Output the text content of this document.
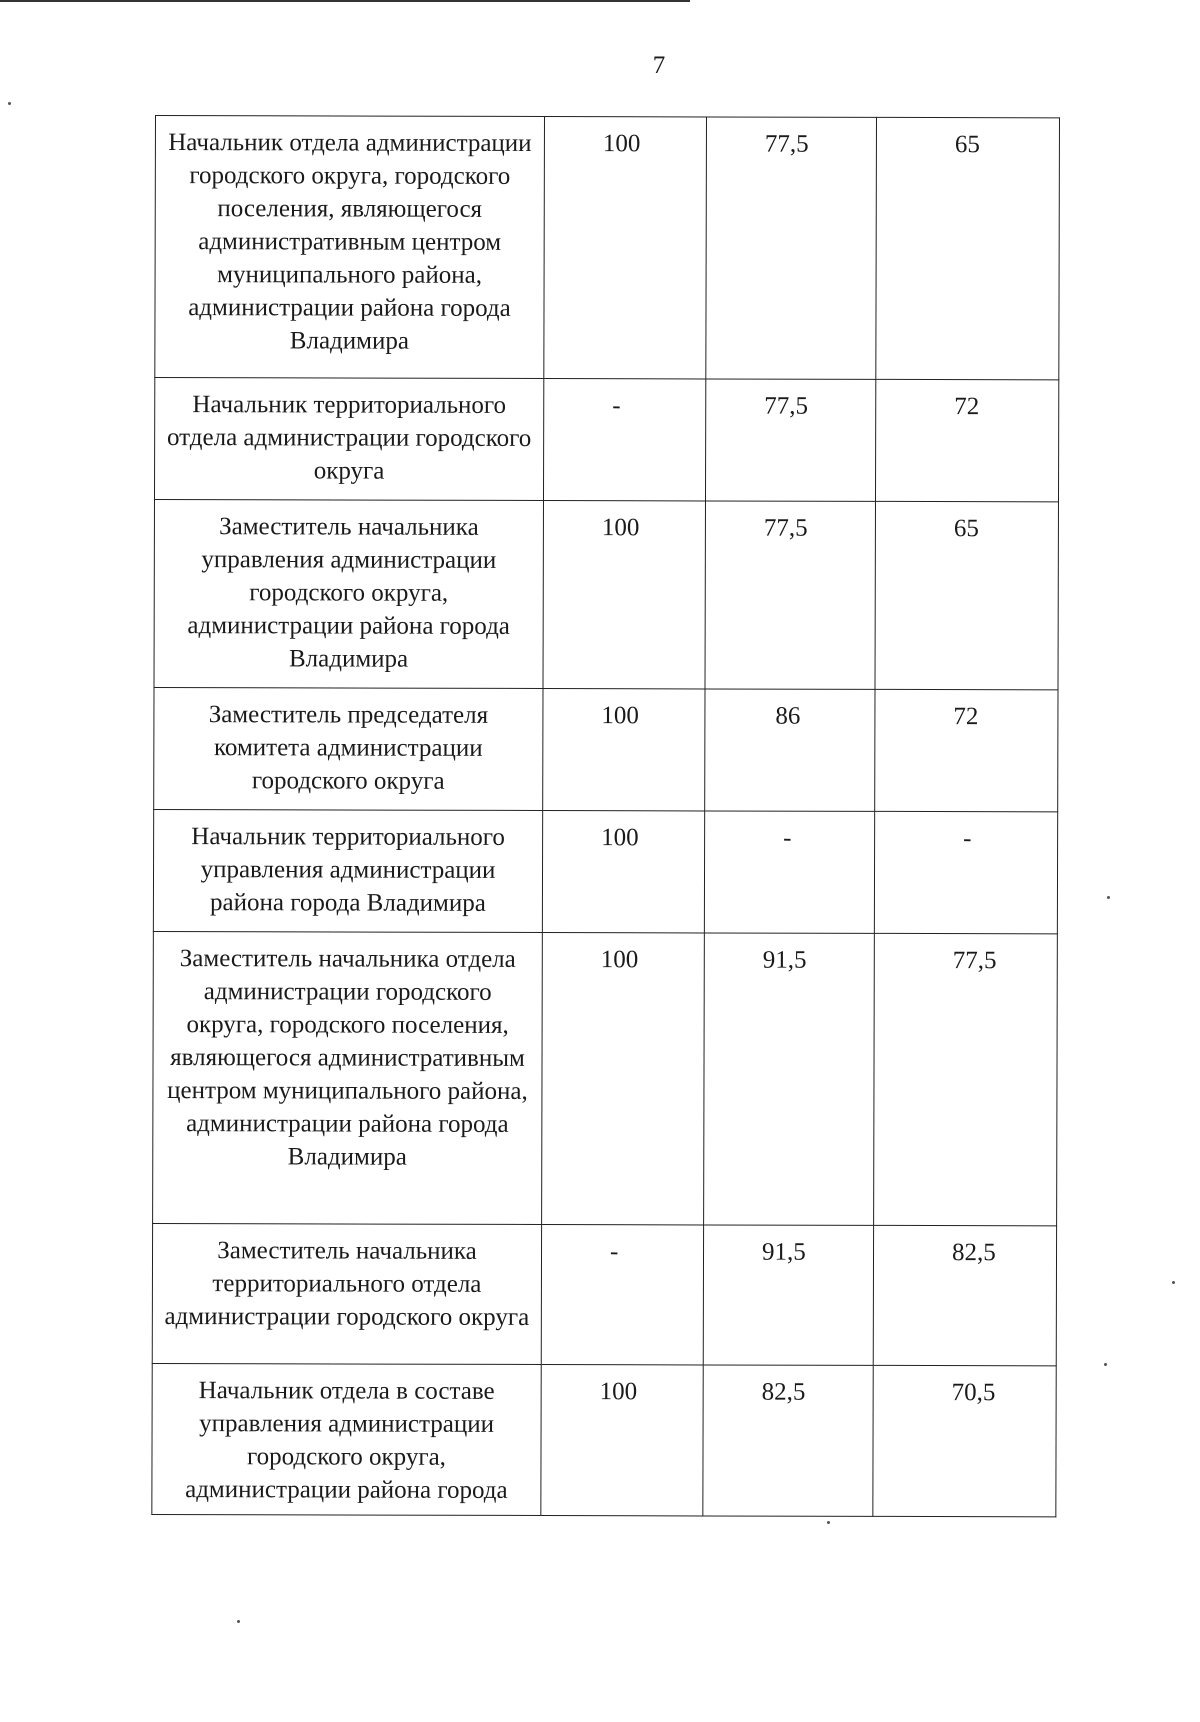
7
Начальник отдела администрации городского округа, городского поселения, являющегося административным центром муниципального района, администрации района города Владимира	100	77,5	65
Начальник территориального отдела администрации городского округа	-	77,5	72
Заместитель начальника управления администрации городского округа, администрации района города Владимира	100	77,5	65
Заместитель председателя комитета администрации городского округа	100	86	72
Начальник территориального управления администрации района города Владимира	100	-	-
Заместитель начальника отдела администрации городского округа, городского поселения, являющегося административным центром муниципального района, администрации района города Владимира	100	91,5	77,5
Заместитель начальника территориального отдела администрации городского округа	-	91,5	82,5
Начальник отдела в составе управления администрации городского округа, администрации района города	100	82,5	70,5
